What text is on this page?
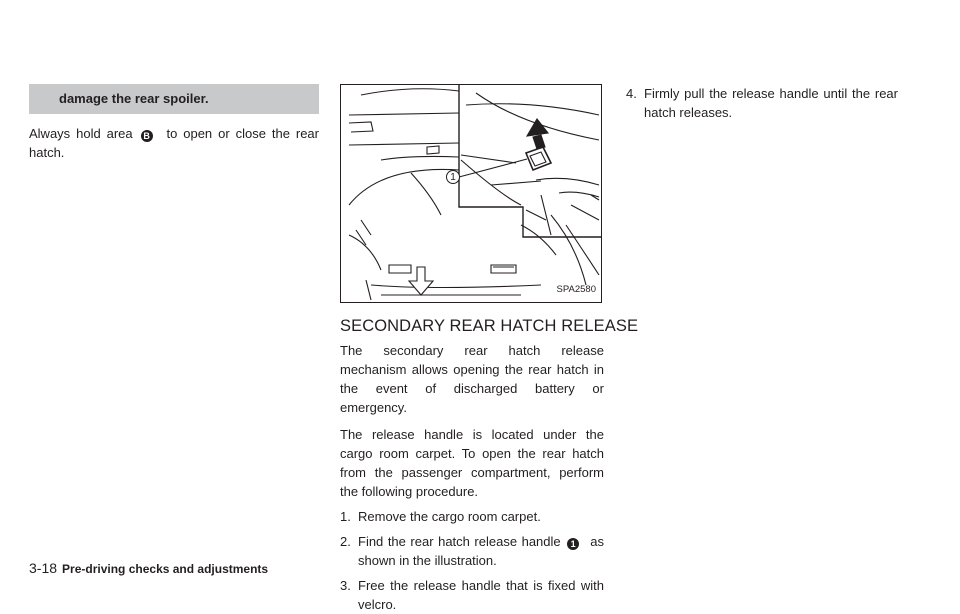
damage the rear spoiler.

Always hold area B to open or close the rear hatch.

1
SPA2580
SECONDARY REAR HATCH RELEASE

The secondary rear hatch release mechanism allows opening the rear hatch in the event of discharged battery or emergency.

The release handle is located under the cargo room carpet. To open the rear hatch from the passenger compartment, perform the following procedure.

1. Remove the cargo room carpet.
2. Find the rear hatch release handle 1 as shown in the illustration.
3. Free the release handle that is fixed with velcro.
4. Firmly pull the release handle until the rear hatch releases.
3-18 Pre-driving checks and adjustments
